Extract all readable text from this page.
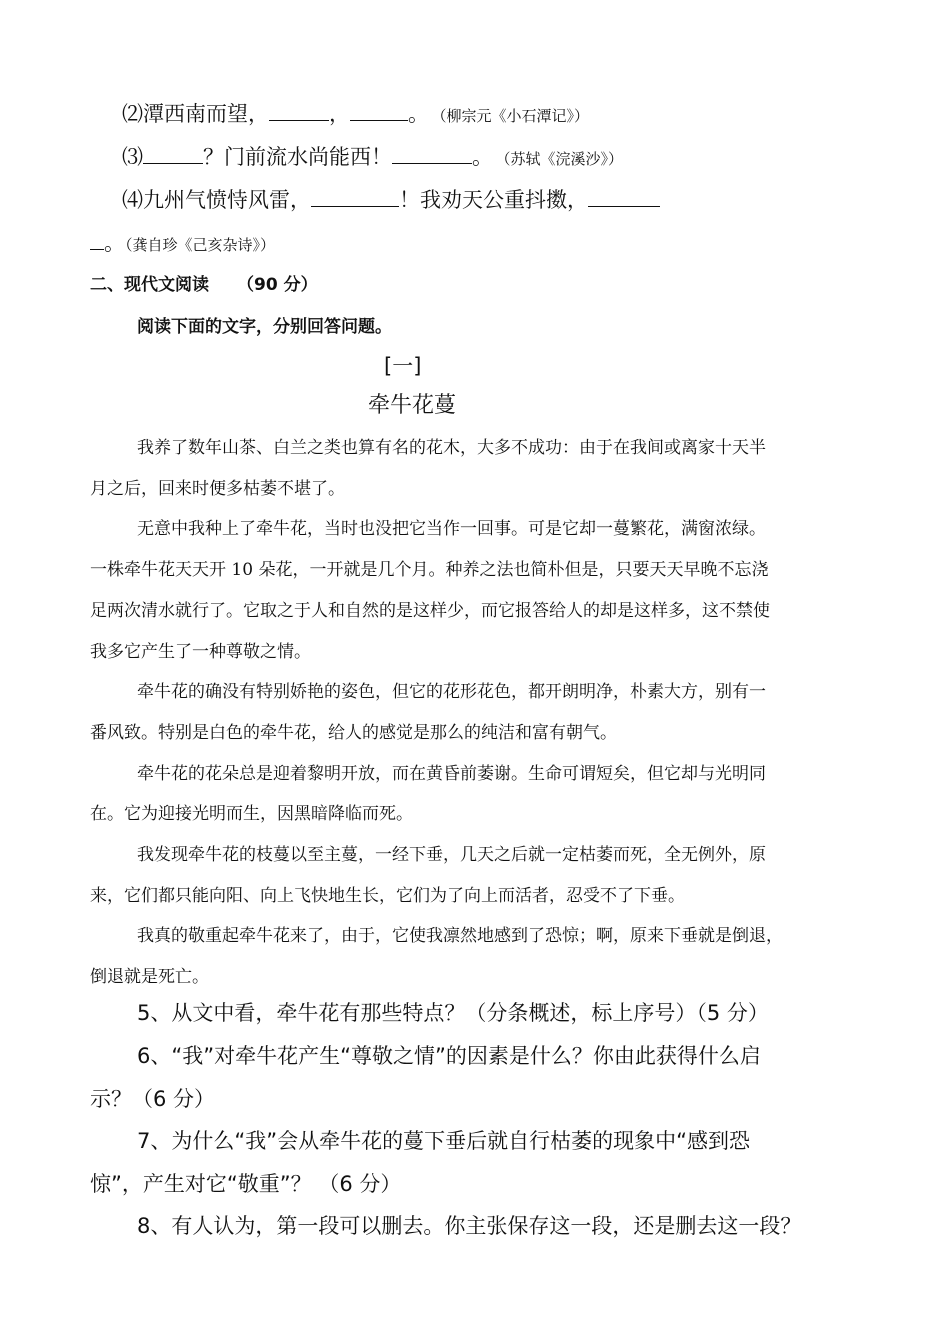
⑵潭西南而望，	，	。 （柳宗元《小石潭记》）
⑶	？门前流水尚能西！	。 （苏轼《浣溪沙》）
⑷九州气愤恃风雷，	！我劝天公重抖擞，
。（龚自珍《己亥杂诗》）
二、现代文阅读 （90 分）
阅读下面的文字，分别回答问题。
[一]
牵牛花蔓
我养了数年山茶、白兰之类也算有名的花木，大多不成功：由于在我间或离家十天半
月之后，回来时便多枯萎不堪了。
无意中我种上了牵牛花，当时也没把它当作一回事。可是它却一蔓繁花，满窗浓绿。
一株牵牛花天天开 10 朵花，一开就是几个月。种养之法也简朴但是，只要天天早晚不忘浇
足两次清水就行了。它取之于人和自然的是这样少，而它报答给人的却是这样多，这不禁使
我多它产生了一种尊敬之情。
牵牛花的确没有特别娇艳的姿色，但它的花形花色，都开朗明净，朴素大方，别有一
番风致。特别是白色的牵牛花，给人的感觉是那么的纯洁和富有朝气。
牵牛花的花朵总是迎着黎明开放，而在黄昏前萎谢。生命可谓短矣，但它却与光明同
在。它为迎接光明而生，因黑暗降临而死。
我发现牵牛花的枝蔓以至主蔓，一经下垂，几天之后就一定枯萎而死，全无例外，原
来，它们都只能向阳、向上飞快地生长，它们为了向上而活者，忍受不了下垂。
我真的敬重起牵牛花来了，由于，它使我凛然地感到了恐惊；啊，原来下垂就是倒退，
倒退就是死亡。
5、从文中看，牵牛花有那些特点？（分条概述，标上序号）（5 分）
6、“我”对牵牛花产生“尊敬之情”的因素是什么？你由此获得什么启
示？（6 分）
7、为什么“我”会从牵牛花的蔓下垂后就自行枯萎的现象中“感到恐
惊”，产生对它“敬重”？ （6 分）
8、有人认为，第一段可以删去。你主张保存这一段，还是删去这一段？
